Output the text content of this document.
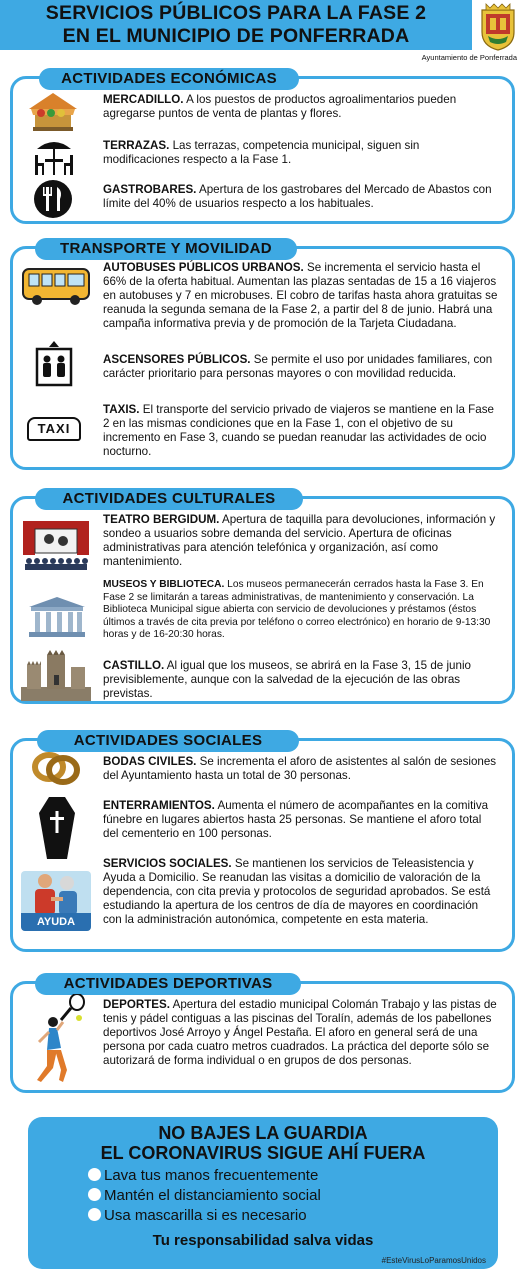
SERVICIOS PÚBLICOS PARA LA FASE 2
EN EL MUNICIPIO DE PONFERRADA
Ayuntamiento de Ponferrada
ACTIVIDADES ECONÓMICAS
MERCADILLO. A los puestos de productos agroalimentarios pueden agregarse puntos de venta de plantas y flores.
TERRAZAS. Las terrazas, competencia municipal, siguen sin modificaciones respecto a la Fase 1.
GASTROBARES. Apertura de los gastrobares del Mercado de Abastos con límite del 40% de usuarios respecto a los habituales.
TRANSPORTE Y MOVILIDAD
AUTOBUSES PÚBLICOS URBANOS. Se incrementa el servicio hasta el 66% de la oferta habitual. Aumentan las plazas sentadas de 15 a 16 viajeros en autobuses y 7 en microbuses. El cobro de tarifas hasta ahora gratuitas se reanuda la segunda semana de la Fase 2, a partir del 8 de junio. Habrá una campaña informativa previa y de promoción de la Tarjeta Ciudadana.
ASCENSORES PÚBLICOS. Se permite el uso por unidades familiares, con carácter prioritario para personas mayores o con movilidad reducida.
TAXI
TAXIS. El transporte del servicio privado de viajeros se mantiene en la Fase 2 en las mismas condiciones que en la Fase 1, con el objetivo de su incremento en Fase 3, cuando se puedan reanudar las actividades de ocio nocturno.
ACTIVIDADES CULTURALES
TEATRO BERGIDUM. Apertura de taquilla para devoluciones, información y sondeo a usuarios sobre demanda del servicio. Apertura de oficinas administrativas para atención telefónica y organización, así como mantenimiento.
MUSEOS Y BIBLIOTECA. Los museos permanecerán cerrados hasta la Fase 3. En Fase 2 se limitarán a tareas administrativas, de mantenimiento y conservación. La Biblioteca Municipal sigue abierta con servicio de devoluciones y préstamos (éstos últimos a través de cita previa por teléfono o correo electrónico) en horario de 9-13:30 horas y de 16-20:30 horas.
CASTILLO. Al igual que los museos, se abrirá en la Fase 3, 15 de junio previsiblemente, aunque con la salvedad de la ejecución de las obras previstas.
ACTIVIDADES SOCIALES
BODAS CIVILES. Se incrementa el aforo de asistentes al salón de sesiones del Ayuntamiento hasta un total de 30 personas.
ENTERRAMIENTOS. Aumenta el número de acompañantes en la comitiva fúnebre en lugares abiertos hasta 25 personas. Se mantiene el aforo total del cementerio en 100 personas.
AYUDA
SERVICIOS SOCIALES. Se mantienen los servicios de Teleasistencia y Ayuda a Domicilio. Se reanudan las visitas a domicilio de valoración de la dependencia, con cita previa y protocolos de seguridad aprobados. Se está estudiando la apertura de los centros de día de mayores en coordinación con la administración autonómica, competente en esta materia.
ACTIVIDADES DEPORTIVAS
DEPORTES. Apertura del estadio municipal Colomán Trabajo y las pistas de tenis y pádel contiguas a las piscinas del Toralín, además de los pabellones deportivos José Arroyo y Ángel Pestaña. El aforo en general será de una persona por cada cuatro metros cuadrados. La práctica del deporte sólo se autorizará de forma individual o en grupos de dos personas.
NO BAJES LA GUARDIA
EL CORONAVIRUS SIGUE AHÍ FUERA
Lava tus manos frecuentemente
Mantén el distanciamiento social
Usa mascarilla si es necesario
Tu responsabilidad salva vidas
#EsteVirusLoParamosUnidos
